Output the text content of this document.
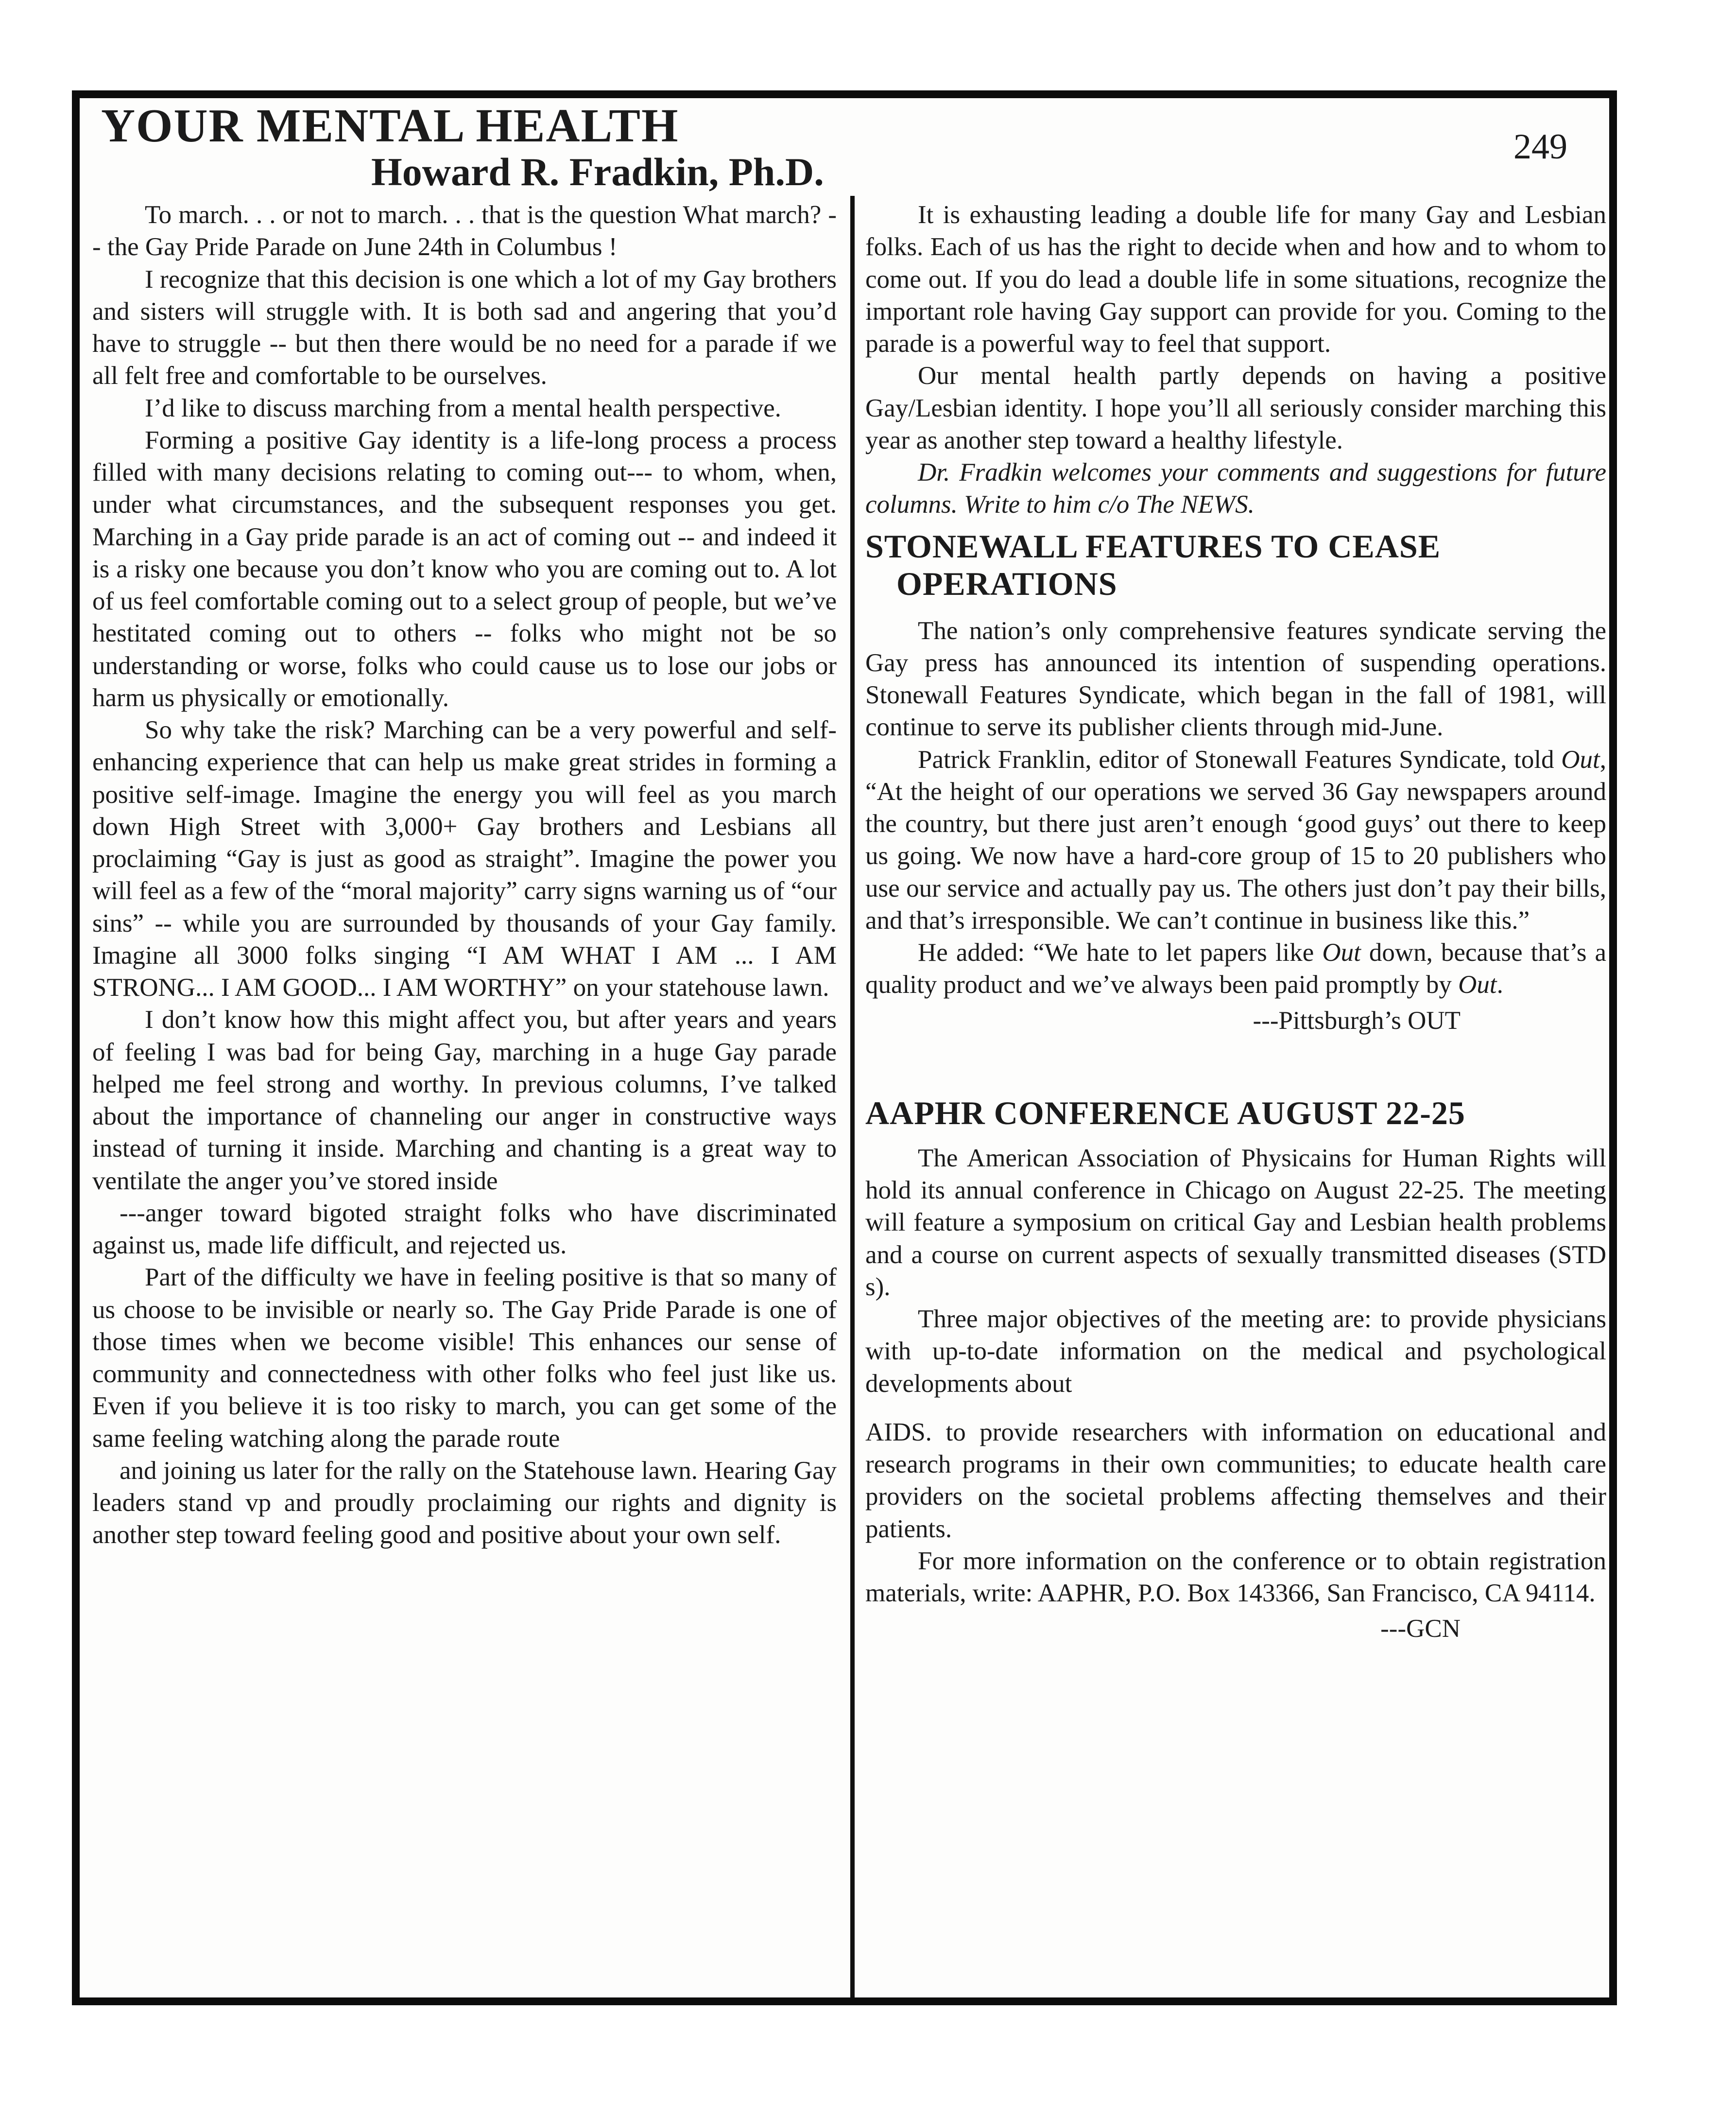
YOUR MENTAL HEALTH	249
Howard R. Fradkin, Ph.D.

To march. . . or not to march. . . that is the question What march? -- the Gay Pride Parade on June 24th in Columbus !

I recognize that this decision is one which a lot of my Gay brothers and sisters will struggle with. It is both sad and angering that you’d have to struggle -- but then there would be no need for a parade if we all felt free and comfortable to be ourselves.

I’d like to discuss marching from a mental health perspective.

Forming a positive Gay identity is a life-long process a process filled with many decisions relating to coming out--- to whom, when, under what circumstances, and the subsequent responses you get. Marching in a Gay pride parade is an act of coming out -- and indeed it is a risky one because you don’t know who you are coming out to. A lot of us feel comfortable coming out to a select group of people, but we’ve hestitated coming out to others -- folks who might not be so understanding or worse, folks who could cause us to lose our jobs or harm us physically or emotionally.

So why take the risk? Marching can be a very powerful and self-enhancing experience that can help us make great strides in forming a positive self-image. Imagine the energy you will feel as you march down High Street with 3,000+ Gay brothers and Lesbians all proclaiming “Gay is just as good as straight”. Imagine the power you will feel as a few of the “moral majority” carry signs warning us of “our sins” -- while you are surrounded by thousands of your Gay family. Imagine all 3000 folks singing “I AM WHAT I AM ... I AM STRONG... I AM GOOD... I AM WORTHY” on your statehouse lawn.

I don’t know how this might affect you, but after years and years of feeling I was bad for being Gay, marching in a huge Gay parade helped me feel strong and worthy. In previous columns, I’ve talked about the importance of channeling our anger in constructive ways instead of turning it inside. Marching and chanting is a great way to ventilate the anger you’ve stored inside

---anger toward bigoted straight folks who have discriminated against us, made life difficult, and rejected us.

Part of the difficulty we have in feeling positive is that so many of us choose to be invisible or nearly so. The Gay Pride Parade is one of those times when we become visible! This enhances our sense of community and connectedness with other folks who feel just like us. Even if you believe it is too risky to march, you can get some of the same feeling watching along the parade route

and joining us later for the rally on the Statehouse lawn. Hearing Gay leaders stand vp and proudly proclaiming our rights and dignity is another step toward feeling good and positive about your own self.

It is exhausting leading a double life for many Gay and Lesbian folks. Each of us has the right to decide when and how and to whom to come out. If you do lead a double life in some situations, recognize the important role having Gay support can provide for you. Coming to the parade is a powerful way to feel that support.

Our mental health partly depends on having a positive Gay/Lesbian identity. I hope you’ll all seriously consider marching this year as another step toward a healthy lifestyle.

Dr. Fradkin welcomes your comments and suggestions for future columns. Write to him c/o The NEWS.

STONEWALL FEATURES TO CEASE OPERATIONS

The nation’s only comprehensive features syndicate serving the Gay press has announced its intention of suspending operations. Stonewall Features Syndicate, which began in the fall of 1981, will continue to serve its publisher clients through mid-June.

Patrick Franklin, editor of Stonewall Features Syndicate, told Out, “At the height of our operations we served 36 Gay newspapers around the country, but there just aren’t enough ‘good guys’ out there to keep us going. We now have a hard-core group of 15 to 20 publishers who use our service and actually pay us. The others just don’t pay their bills, and that’s irresponsible. We can’t continue in business like this.”

He added: “We hate to let papers like Out down, because that’s a quality product and we’ve always been paid promptly by Out.

---Pittsburgh’s OUT

AAPHR CONFERENCE AUGUST 22-25

The American Association of Physicains for Human Rights will hold its annual conference in Chicago on August 22-25. The meeting will feature a symposium on critical Gay and Lesbian health problems and a course on current aspects of sexually transmitted diseases (STD s).

Three major objectives of the meeting are: to provide physicians with up-to-date information on the medical and psychological developments about

AIDS. to provide researchers with information on educational and research programs in their own communities; to educate health care providers on the societal problems affecting themselves and their patients.

For more information on the conference or to obtain registration materials, write: AAPHR, P.O. Box 143366, San Francisco, CA 94114.

---GCN
